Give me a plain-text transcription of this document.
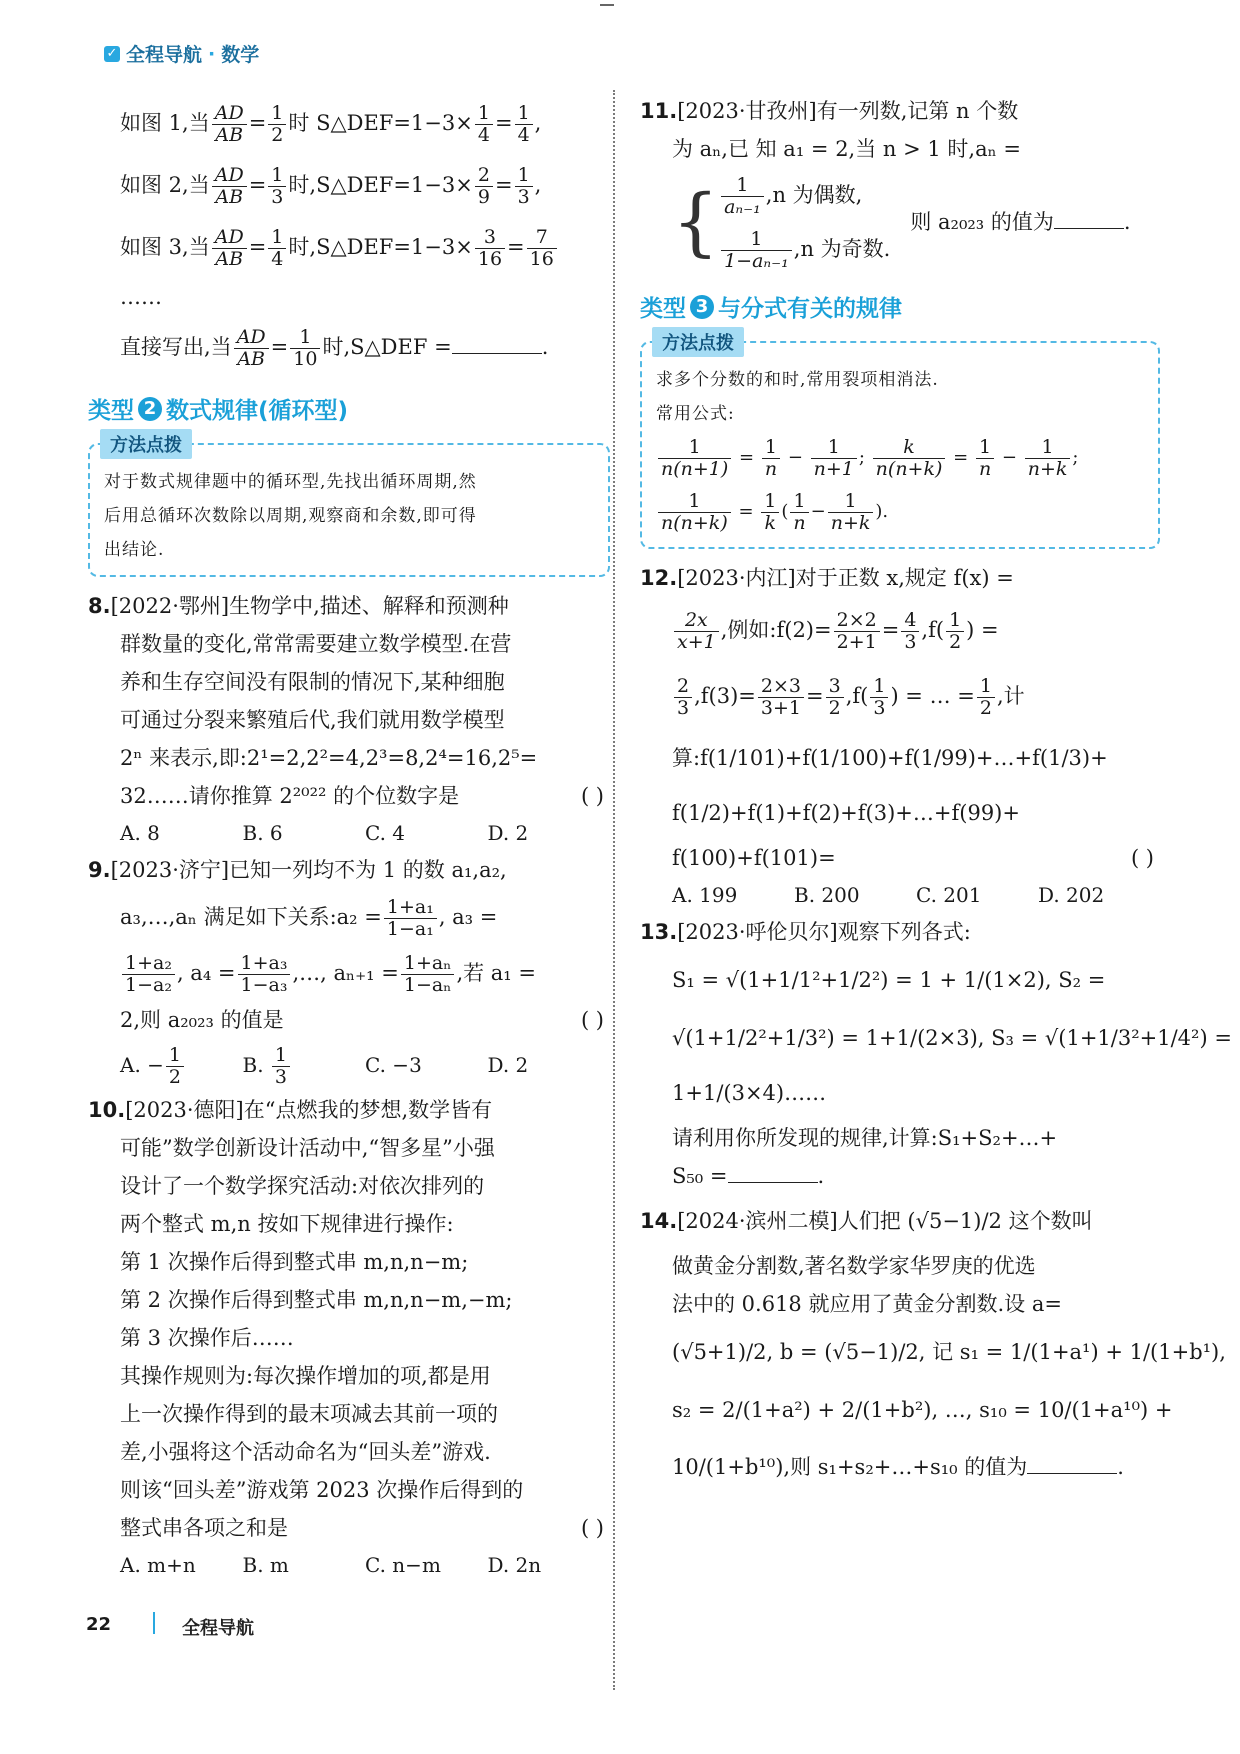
✓ 全程导航 · 数学
如图 1,当 $\frac{AD}{AB} = \frac{1}{2}$ 时 S△DEF=1−3× $\frac{1}{4} = \frac{1}{4}$ ,
如图 2,当 $\frac{AD}{AB} = \frac{1}{3}$ 时,S△DEF=1−3× $\frac{2}{9} = \frac{1}{3}$ ,
如图 3,当 $\frac{AD}{AB} = \frac{1}{4}$ 时,S△DEF=1−3× $\frac{3}{16} = \frac{7}{16}$
……
直接写出,当 $\frac{AD}{AB} = \frac{1}{10}$ 时,S△DEF =	.
类型 2 数式规律(循环型)
方法点拨
对于数式规律题中的循环型,先找出循环周期,然
后用总循环次数除以周期,观察商和余数,即可得
出结论.
8.[2022·鄂州]生物学中,描述、解释和预测种
群数量的变化,常常需要建立数学模型.在营
养和生存空间没有限制的情况下,某种细胞
可通过分裂来繁殖后代,我们就用数学模型
2ⁿ 来表示,即:2¹=2,2²=4,2³=8,2⁴=16,2⁵=
32……请你推算 2²⁰²² 的个位数字是	( )
A. 8	B. 6	C. 4	D. 2
9.[2023·济宁]已知一列均不为 1 的数 a₁,a₂,
a₃,…,aₙ 满足如下关系:a₂ = $\frac{\text{1+a₁}}{\text{1−a₁}}$ , a₃ =
$\frac{\text{1+a₂}}{\text{1−a₂}}$ , $a_4 = \frac{\text{1+a₃}}{\text{1−a₃}}$ ,…, $a_{n+1} = \frac{\text{1+aₙ}}{\text{1−aₙ}}$ ,若 a₁ =
2,则 a₂₀₂₃ 的值是	( )
A. − $\frac{1}{2}$	B. $\frac{1}{3}$	C. −3	D. 2
10.[2023·德阳]在“点燃我的梦想,数学皆有
可能”数学创新设计活动中,“智多星”小强
设计了一个数学探究活动:对依次排列的
两个整式 m,n 按如下规律进行操作:
第 1 次操作后得到整式串 m,n,n−m;
第 2 次操作后得到整式串 m,n,n−m,−m;
第 3 次操作后……
其操作规则为:每次操作增加的项,都是用
上一次操作得到的最末项减去其前一项的
差,小强将这个活动命名为“回头差”游戏.
则该“回头差”游戏第 2023 次操作后得到的
整式串各项之和是	( )
A. m+n	B. m	C. n−m	D. 2n
11.[2023·甘孜州]有一列数,记第 n 个数
为 aₙ,已 知 a₁ = 2,当 n > 1 时,aₙ =
{ $\frac{1}{\text{aₙ₋₁}} ,n$ 为偶数,
$\frac{1}{\text{1−aₙ₋₁}} ,n$ 为奇数.
则 a₂₀₂₃ 的值为	.
类型 3 与分式有关的规律
方法点拨
求多个分数的和时,常用裂项相消法.
常用公式:
$\frac{1}{n(n+1)} = \frac{1}{n} - \frac{1}{n+1}$ ; $\frac{k}{n(n+k)} = \frac{1}{n} - \frac{1}{n+k}$ ;
$\frac{1}{n(n+k)} = \frac{1}{k}$ ( $\frac{1}{n} - \frac{1}{n+k}$ ).
12.[2023·内江]对于正数 x,规定 f(x) =
$\frac{2x}{x+1}$ ,例如:f(2)= $\frac{2\times 2}{2+1} = \frac{4}{3} ,f( \frac{1}{2}$ ) =
$\frac{2}{3} ,f(3)= \frac{2\times 3}{3+1} = \frac{3}{2} ,f( \frac{1}{3}$ ) = … = $\frac{1}{2}$ ,计
算:f(1/101)+f(1/100)+f(1/99)+…+f(1/3)+
f(1/2)+f(1)+f(2)+f(3)+…+f(99)+
f(100)+f(101)=	( )
A. 199	B. 200	C. 201	D. 202
13.[2023·呼伦贝尔]观察下列各式:
S₁ = √(1+1/1²+1/2²) = 1 + 1/(1×2), S₂ =
√(1+1/2²+1/3²) = 1+1/(2×3), S₃ = √(1+1/3²+1/4²) =
1+1/(3×4)……
请利用你所发现的规律,计算:S₁+S₂+…+
S₅₀ =	.
14.[2024·滨州二模]人们把 (√5−1)/2 这个数叫
做黄金分割数,著名数学家华罗庚的优选
法中的 0.618 就应用了黄金分割数.设 a=
(√5+1)/2, b = (√5−1)/2, 记 s₁ = 1/(1+a¹) + 1/(1+b¹),
s₂ = 2/(1+a²) + 2/(1+b²), …, s₁₀ = 10/(1+a¹⁰) +
10/(1+b¹⁰),则 s₁+s₂+…+s₁₀ 的值为	.
22	全程导航
